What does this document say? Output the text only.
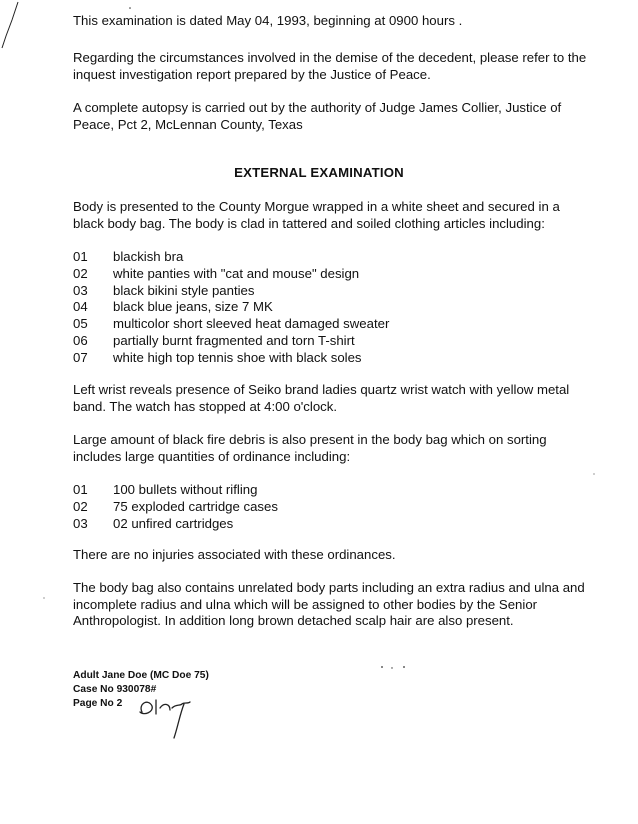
This examination is dated May 04, 1993, beginning at 0900 hours .

Regarding the circumstances involved in the demise of the decedent, please refer to the inquest investigation report prepared by the Justice of Peace.

A complete autopsy is carried out by the authority of Judge James Collier, Justice of Peace, Pct 2, McLennan County, Texas

EXTERNAL EXAMINATION

Body is presented to the County Morgue wrapped in a white sheet and secured in a black body bag. The body is clad in tattered and soiled clothing articles including:

01 blackish bra
02 white panties with "cat and mouse" design
03 black bikini style panties
04 black blue jeans, size 7 MK
05 multicolor short sleeved heat damaged sweater
06 partially burnt fragmented and torn T-shirt
07 white high top tennis shoe with black soles

Left wrist reveals presence of Seiko brand ladies quartz wrist watch with yellow metal band. The watch has stopped at 4:00 o'clock.

Large amount of black fire debris is also present in the body bag which on sorting includes large quantities of ordinance including:

01 100 bullets without rifling
02 75 exploded cartridge cases
03 02 unfired cartridges

There are no injuries associated with these ordinances.

The body bag also contains unrelated body parts including an extra radius and ulna and incomplete radius and ulna which will be assigned to other bodies by the Senior Anthropologist. In addition long brown detached scalp hair are also present.

Adult Jane Doe (MC Doe 75)
Case No 930078#
Page No 2
